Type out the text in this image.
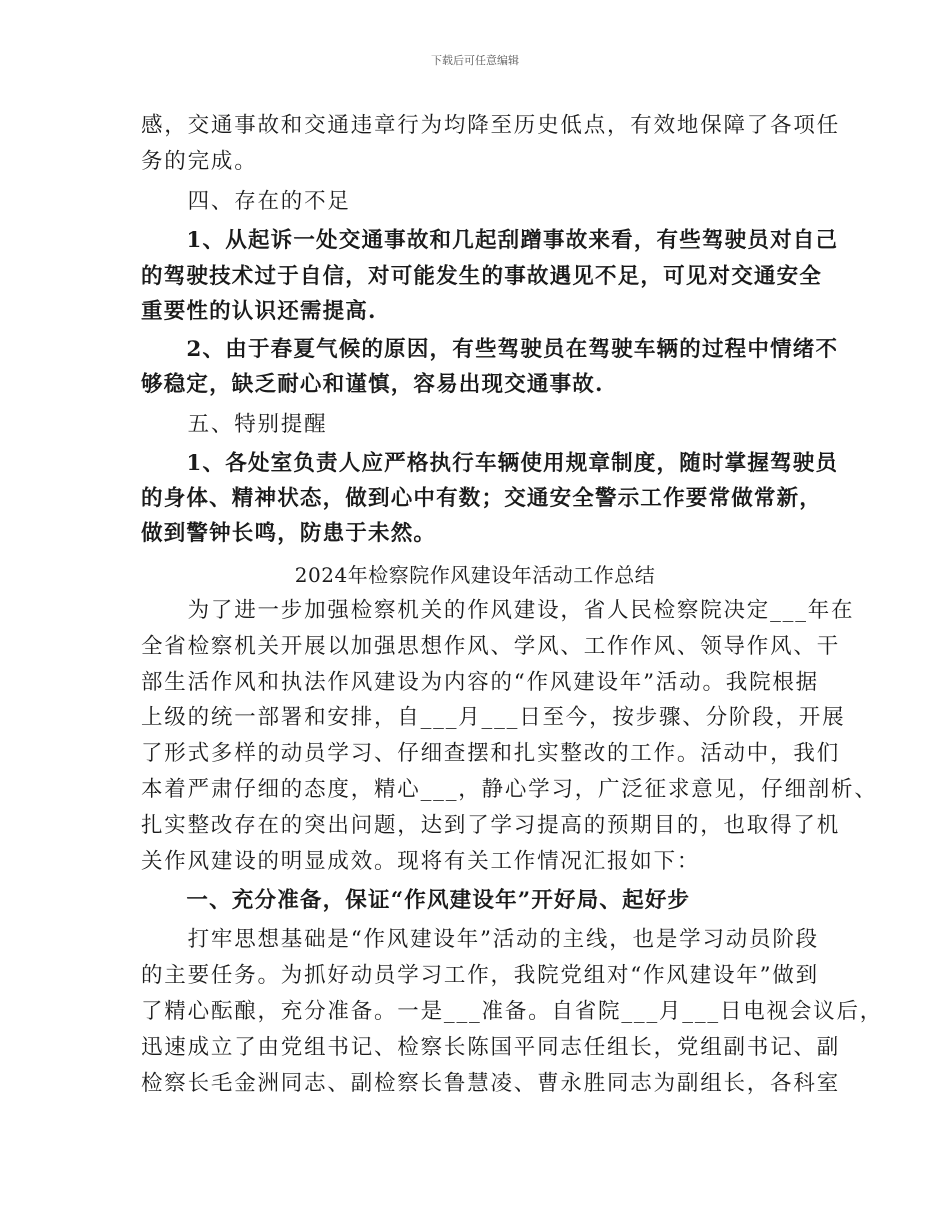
下载后可任意编辑

感，交通事故和交通违章行为均降至历史低点，有效地保障了各项任

务的完成。

　　四、存在的不足

　　1、从起诉一处交通事故和几起刮蹭事故来看，有些驾驶员对自己

的驾驶技术过于自信，对可能发生的事故遇见不足，可见对交通安全

重要性的认识还需提高.

　　2、由于春夏气候的原因，有些驾驶员在驾驶车辆的过程中情绪不

够稳定，缺乏耐心和谨慎，容易出现交通事故.

　　五、特别提醒

　　1、各处室负责人应严格执行车辆使用规章制度，随时掌握驾驶员

的身体、精神状态，做到心中有数；交通安全警示工作要常做常新，

做到警钟长鸣，防患于未然。

2024年检察院作风建设年活动工作总结

　　为了进一步加强检察机关的作风建设，省人民检察院决定___年在

全省检察机关开展以加强思想作风、学风、工作作风、领导作风、干

部生活作风和执法作风建设为内容的“作风建设年”活动。我院根据

上级的统一部署和安排，自___月___日至今，按步骤、分阶段，开展

了形式多样的动员学习、仔细查摆和扎实整改的工作。活动中，我们

本着严肃仔细的态度，精心___，静心学习，广泛征求意见，仔细剖析、

扎实整改存在的突出问题，达到了学习提高的预期目的，也取得了机

关作风建设的明显成效。现将有关工作情况汇报如下：

　　一、充分准备，保证“作风建设年”开好局、起好步

　　打牢思想基础是“作风建设年”活动的主线，也是学习动员阶段

的主要任务。为抓好动员学习工作，我院党组对“作风建设年”做到

了精心酝酿，充分准备。一是___准备。自省院___月___日电视会议后，

迅速成立了由党组书记、检察长陈国平同志任组长，党组副书记、副

检察长毛金洲同志、副检察长鲁慧凌、曹永胜同志为副组长，各科室
